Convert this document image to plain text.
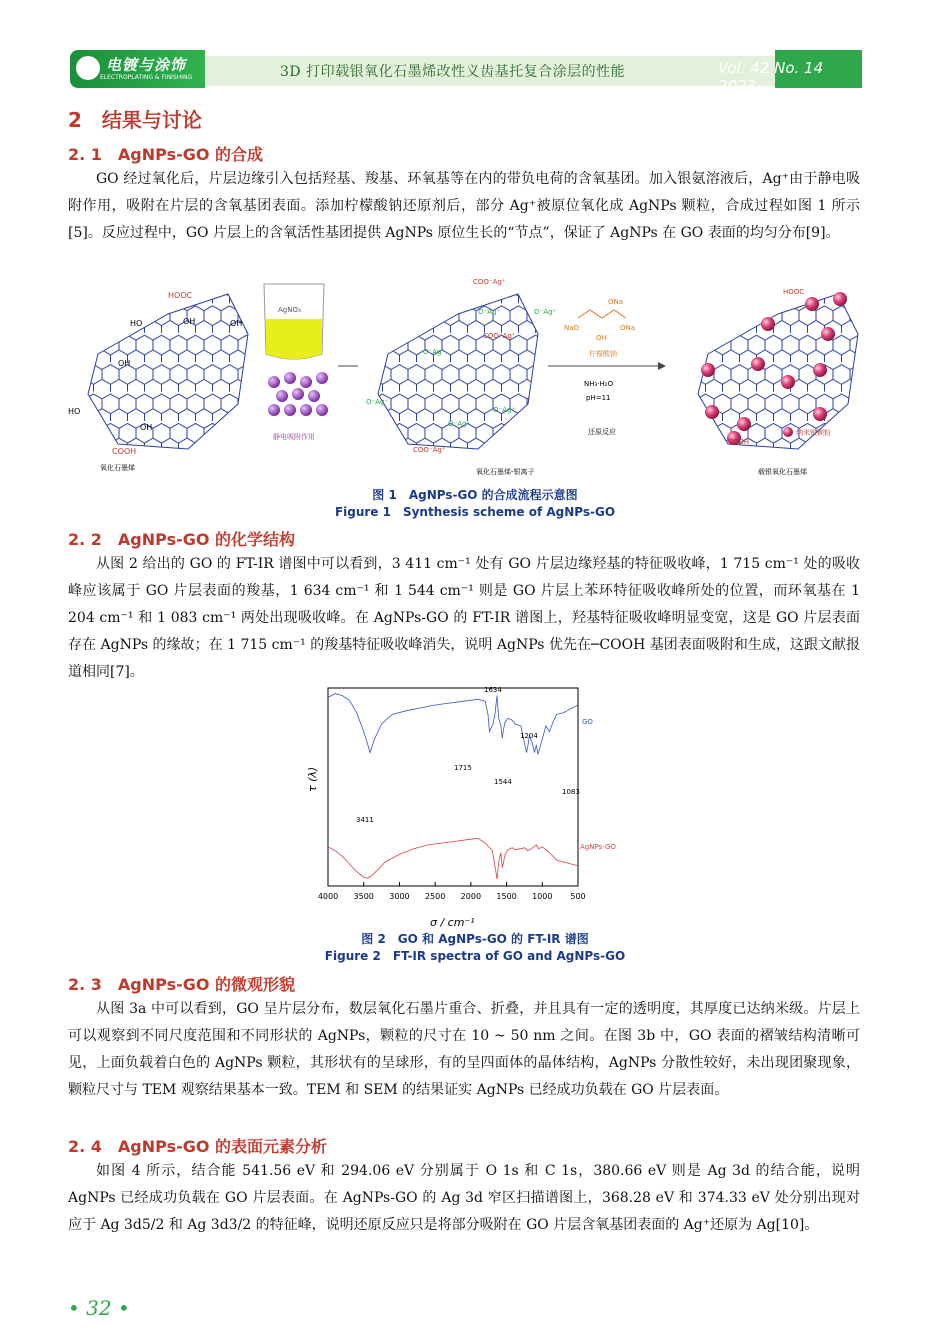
电镀与涂饰
ELECTROPLATING & FINISHING	3D 打印载银氧化石墨烯改性义齿基托复合涂层的性能	Vol. 42 No. 14 2023
2　结果与讨论
2. 1　AgNPs-GO 的合成
GO 经过氧化后，片层边缘引入包括羟基、羧基、环氧基等在内的带负电荷的含氧基团。加入银氨溶液后，Ag⁺由于静电吸附作用，吸附在片层的含氧基团表面。添加柠檬酸钠还原剂后，部分 Ag⁺被原位氧化成 AgNPs 颗粒，合成过程如图 1 所示[5]。反应过程中，GO 片层上的含氧活性基团提供 AgNPs 原位生长的“节点”，保证了 AgNPs 在 GO 表面的均匀分布[9]。
HOOC
HO	OH	OH
OH
HO
OH
COOH
氧化石墨烯
AgNO₃
静电吸附作用
COO⁻Ag⁺
O⁻Ag⁺	O⁻Ag⁺
COO⁻Ag⁺
O⁻Ag⁺
O⁻Ag⁺
O⁻Ag⁺
O⁻Ag⁺
COO⁻Ag⁺
氧化石墨烯-银离子
ONa
NaO	ONa
OH
柠檬酸钠
NH₃·H₂O
pH=11
还原反应
HOOC
COOH
纳米银颗粒
载银氧化石墨烯
图 1　AgNPs-GO 的合成流程示意图
Figure 1　Synthesis scheme of AgNPs-GO
2. 2　AgNPs-GO 的化学结构
从图 2 给出的 GO 的 FT-IR 谱图中可以看到，3 411 cm⁻¹ 处有 GO 片层边缘羟基的特征吸收峰，1 715 cm⁻¹ 处的吸收峰应该属于 GO 片层表面的羧基，1 634 cm⁻¹ 和 1 544 cm⁻¹ 则是 GO 片层上苯环特征吸收峰所处的位置，而环氧基在 1 204 cm⁻¹ 和 1 083 cm⁻¹ 两处出现吸收峰。在 AgNPs-GO 的 FT-IR 谱图上，羟基特征吸收峰明显变宽，这是 GO 片层表面存在 AgNPs 的缘故；在 1 715 cm⁻¹ 的羧基特征吸收峰消失，说明 AgNPs 优先在─COOH 基团表面吸附和生成，这跟文献报道相同[7]。
4000 3500 3000 2500 2000 1500 1000 500
τ (λ)
σ / cm⁻¹
GO
AgNPs-GO
1634
1715
1544
1204
3411
1083
图 2　GO 和 AgNPs-GO 的 FT-IR 谱图
Figure 2　FT-IR spectra of GO and AgNPs-GO
2. 3　AgNPs-GO 的微观形貌
从图 3a 中可以看到，GO 呈片层分布，数层氧化石墨片重合、折叠，并且具有一定的透明度，其厚度已达纳米级。片层上可以观察到不同尺度范围和不同形状的 AgNPs，颗粒的尺寸在 10 ~ 50 nm 之间。在图 3b 中，GO 表面的褶皱结构清晰可见，上面负载着白色的 AgNPs 颗粒，其形状有的呈球形，有的呈四面体的晶体结构，AgNPs 分散性较好，未出现团聚现象，颗粒尺寸与 TEM 观察结果基本一致。TEM 和 SEM 的结果证实 AgNPs 已经成功负载在 GO 片层表面。
2. 4　AgNPs-GO 的表面元素分析
如图 4 所示，结合能 541.56 eV 和 294.06 eV 分别属于 O 1s 和 C 1s，380.66 eV 则是 Ag 3d 的结合能，说明 AgNPs 已经成功负载在 GO 片层表面。在 AgNPs-GO 的 Ag 3d 窄区扫描谱图上，368.28 eV 和 374.33 eV 处分别出现对应于 Ag 3d5/2 和 Ag 3d3/2 的特征峰，说明还原反应只是将部分吸附在 GO 片层含氧基团表面的 Ag⁺还原为 Ag[10]。
• 32 •
